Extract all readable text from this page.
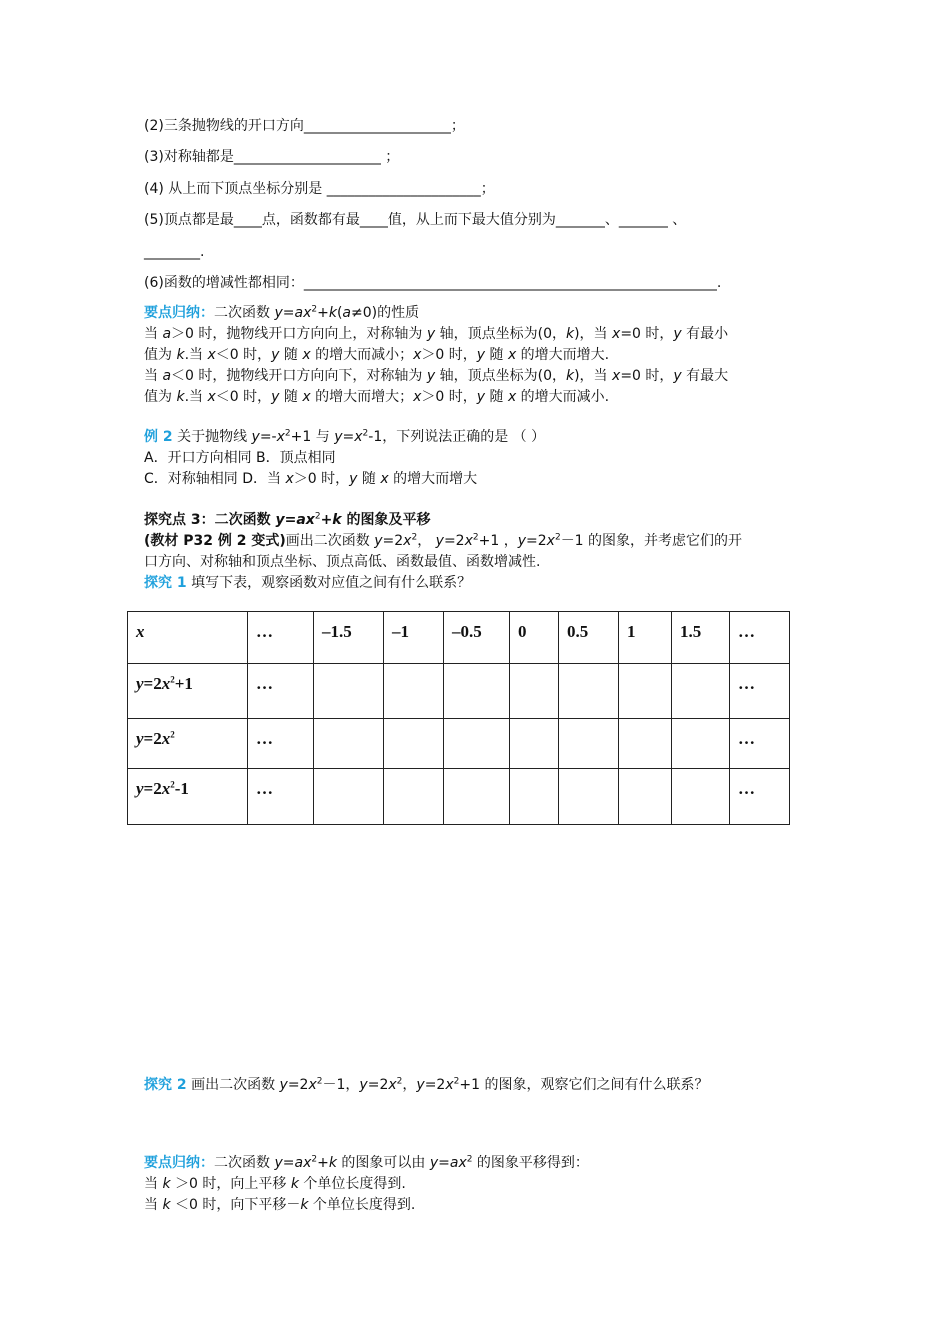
(2)三条抛物线的开口方向_____________________；
(3)对称轴都是_____________________ ；
(4) 从上而下顶点坐标分别是 ______________________；
(5)顶点都是最____点，函数都有最____值，从上而下最大值分别为_______、_______ 、
________.
(6)函数的增减性都相同：___________________________________________________________.
要点归纳：二次函数 $y=ax^2+k(a\ne 0)$的性质
当 a＞0 时，抛物线开口方向向上，对称轴为 y 轴，顶点坐标为(0，k)，当 x=0 时，y 有最小
值为 k.当 x＜0 时，y 随 x 的增大而减小；x＞0 时，y 随 x 的增大而增大.
当 a＜0 时，抛物线开口方向向下，对称轴为 y 轴，顶点坐标为(0，k)，当 x=0 时，y 有最大
值为 k.当 x＜0 时，y 随 x 的增大而增大；x＞0 时，y 随 x 的增大而减小.
例 2 关于抛物线 $y=-x^2+1$ 与 $y=x^2-1$，下列说法正确的是 （ ）
A．开口方向相同 B．顶点相同
C．对称轴相同 D．当 x＞0 时，y 随 x 的增大而增大
探究点 3：二次函数 $y=ax^2+k$ 的图象及平移
(教材 P32 例 2 变式)画出二次函数 $y=2x^2$， $y=2x^2+1$ ，$y=2x^2-1$ 的图象，并考虑它们的开
口方向、对称轴和顶点坐标、顶点高低、函数最值、函数增减性.
探究 1 填写下表，观察函数对应值之间有什么联系？
探究 2 画出二次函数 $y=2x^2-1$，$y=2x^2$，$y=2x^2+1$ 的图象，观察它们之间有什么联系？
要点归纳：二次函数 $y=ax^2+k$ 的图象可以由 $y=ax^2$ 的图象平移得到：
当 k ＞0 时，向上平移 k 个单位长度得到.
当 k ＜0 时，向下平移－k 个单位长度得到.
x	…	–1.5	–1	–0.5	0	0.5	1	1.5	…
$y=2x^2+1$	…								…
$y=2x^2$	…								…
$y=2x^2-1$	…								…
